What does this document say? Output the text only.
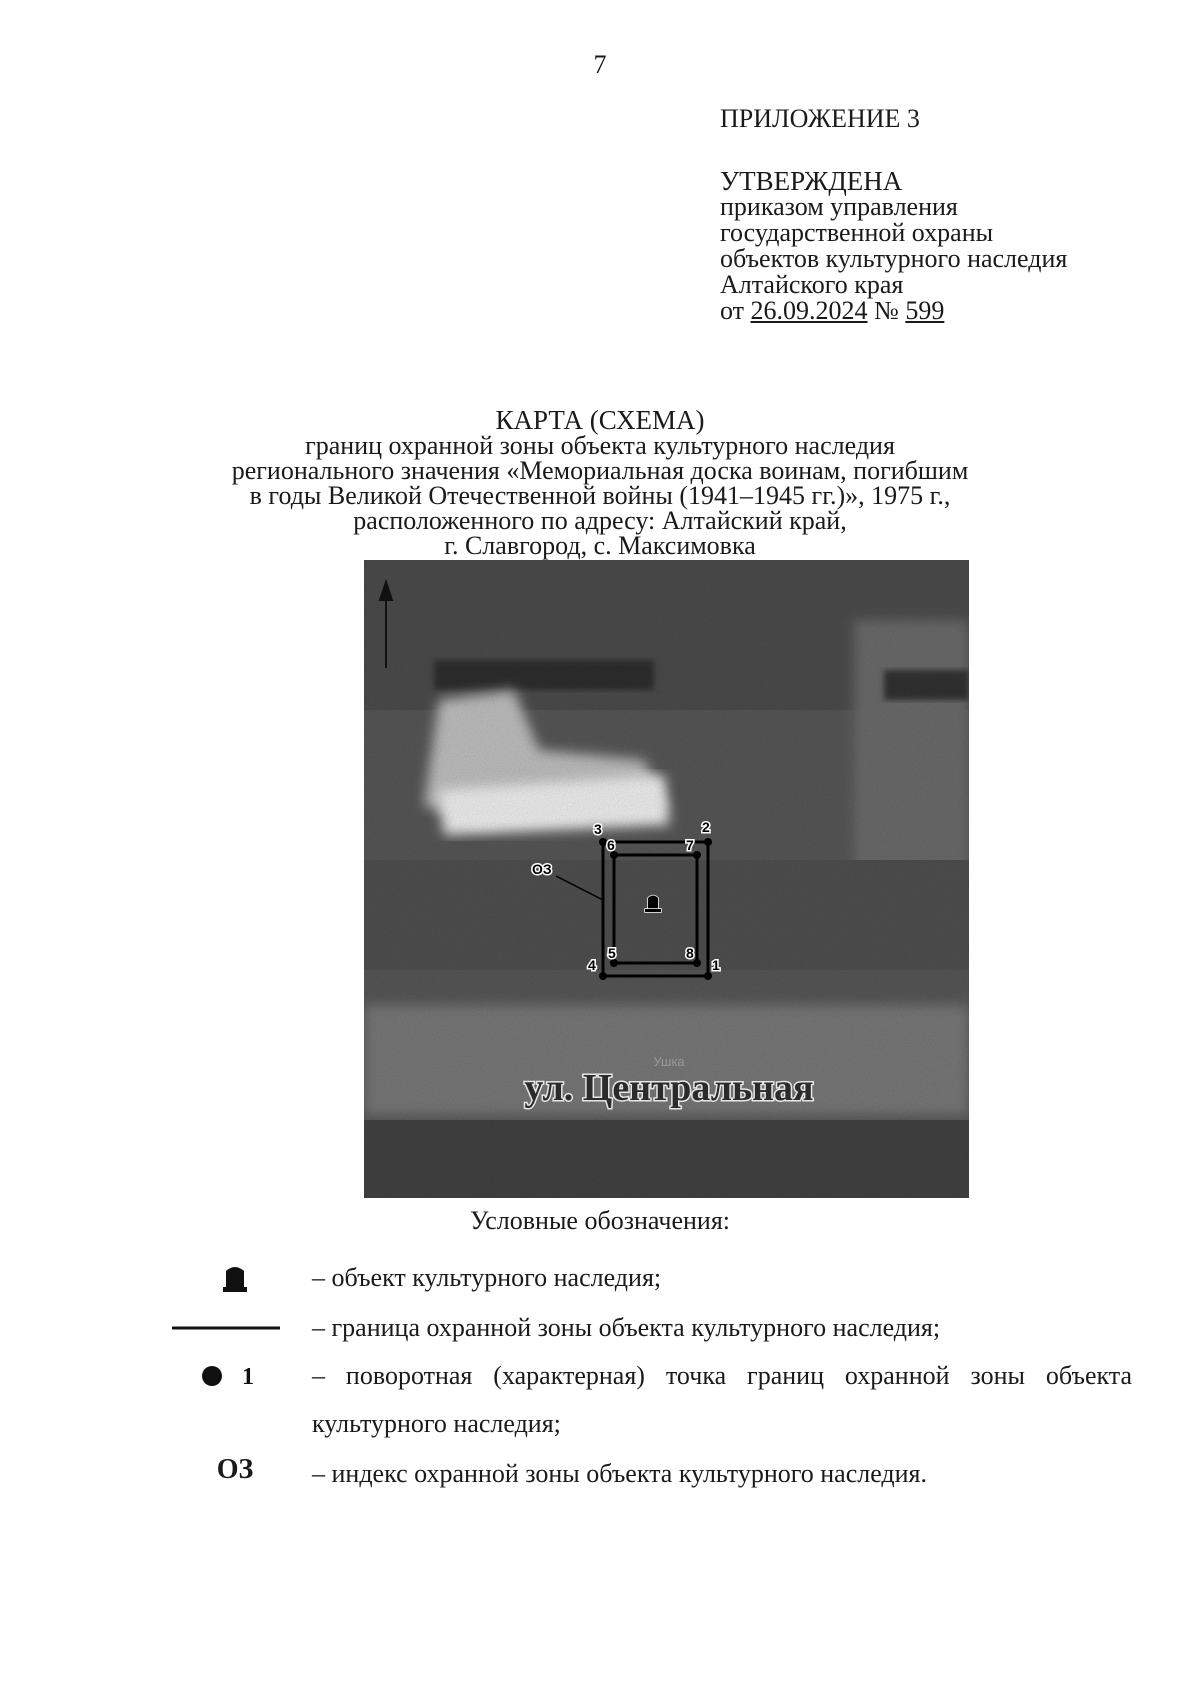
7
ПРИЛОЖЕНИЕ 3
УТВЕРЖДЕНА
приказом управления
государственной охраны
объектов культурного наследия
Алтайского края
от 26.09.2024 № 599
КАРТА (СХЕМА)
границ охранной зоны объекта культурного наследия
регионального значения «Мемориальная доска воинам, погибшим
в годы Великой Отечественной войны (1941–1945 гг.)», 1975 г.,
расположенного по адресу: Алтайский край,
г. Славгород, с. Максимовка
1
2
3
4
5
6	7
8
ОЗ
Ушка
ул. Центральная
Условные обозначения:
– объект культурного наследия;
– граница охранной зоны объекта культурного наследия;
1 – поворотная (характерная) точка границ охранной зоны объекта культурного наследия;
ОЗ	– индекс охранной зоны объекта культурного наследия.
